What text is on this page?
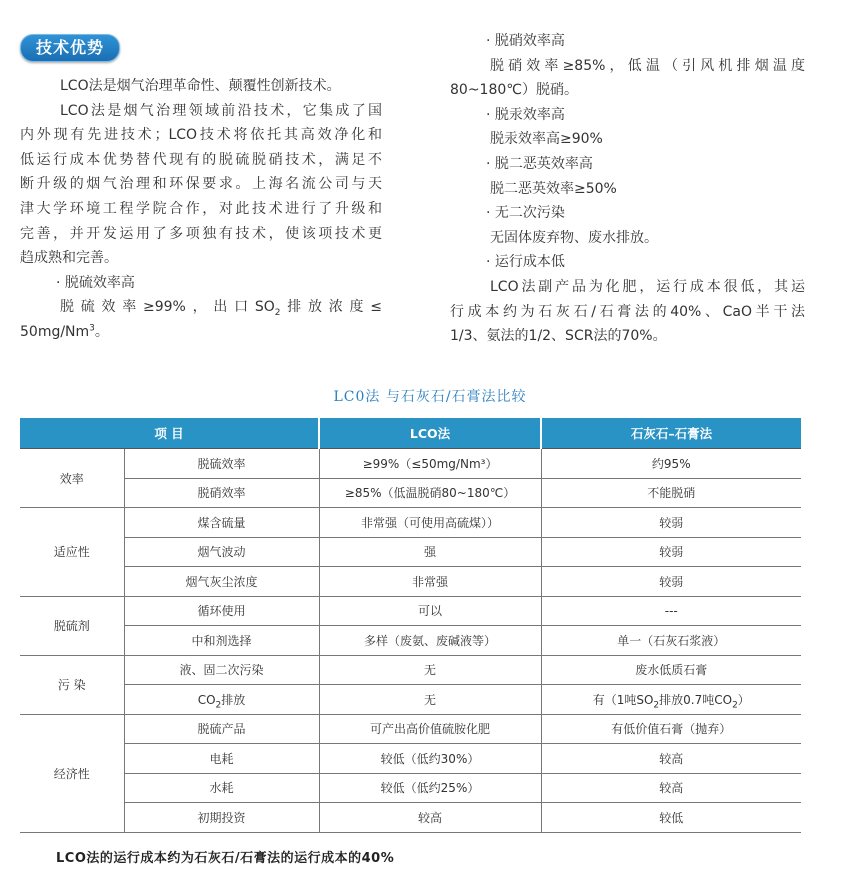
技术优势

LCO法是烟气治理革命性、颠覆性创新技术。

LCO法是烟气治理领域前沿技术，它集成了国

内外现有先进技术；LCO技术将依托其高效净化和

低运行成本优势替代现有的脱硫脱硝技术，满足不

断升级的烟气治理和环保要求。上海名流公司与天

津大学环境工程学院合作，对此技术进行了升级和

完善，并开发运用了多项独有技术，使该项技术更

趋成熟和完善。

· 脱硫效率高

脱硫效率≥99%，出口$SO_2$排放浓度≤

50mg/Nm$^3$。

· 脱硝效率高

脱硝效率≥85%，低温（引风机排烟温度

80~180℃）脱硝。

· 脱汞效率高

脱汞效率高≥90%

· 脱二恶英效率高

脱二恶英效率≥50%

· 无二次污染

无固体废弃物、废水排放。

· 运行成本低

LCO法副产品为化肥，运行成本很低，其运

行成本约为石灰石/石膏法的40%、CaO半干法

1/3、氨法的1/2、SCR法的70%。

LC0法 与石灰石/石膏法比较
项 目		LCO法	石灰石–石膏法
效率	脱硫效率	≥99%（≤50mg/Nm³）	约95%
	脱硝效率	≥85%（低温脱硝80~180℃）	不能脱硝
适应性	煤含硫量	非常强（可使用高硫煤））	较弱
	烟气波动	强	较弱
	烟气灰尘浓度	非常强	较弱
脱硫剂	循环使用	可以	---
	中和剂选择	多样（废氨、废碱液等）	单一（石灰石浆液）
污 染	液、固二次污染	无	废水低质石膏
	$CO_2$排放	无	有（1吨$SO_2$排放0.7吨$CO_2$）
经济性	脱硫产品	可产出高价值硫胺化肥	有低价值石膏（抛弃）
	电耗	较低（低约30%）	较高
	水耗	较低（低约25%）	较高
	初期投资	较高	较低
LCO法的运行成本约为石灰石/石膏法的运行成本的40%
